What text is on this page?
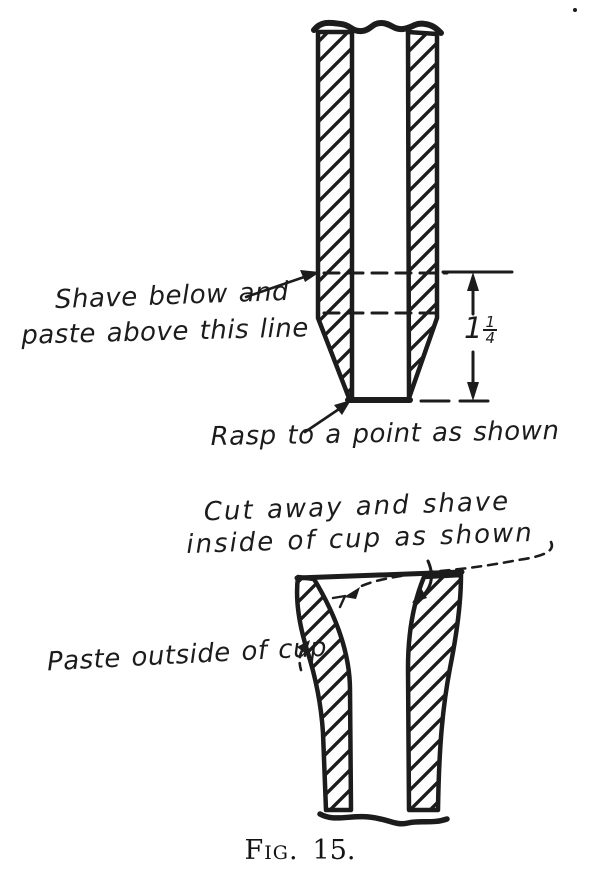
Shave below and
paste above this line
Rasp to a point as shown
Cut away and shave
inside of cup as shown
Paste outside of cup
$1 \frac{1}{4}$
Fig. 15.
